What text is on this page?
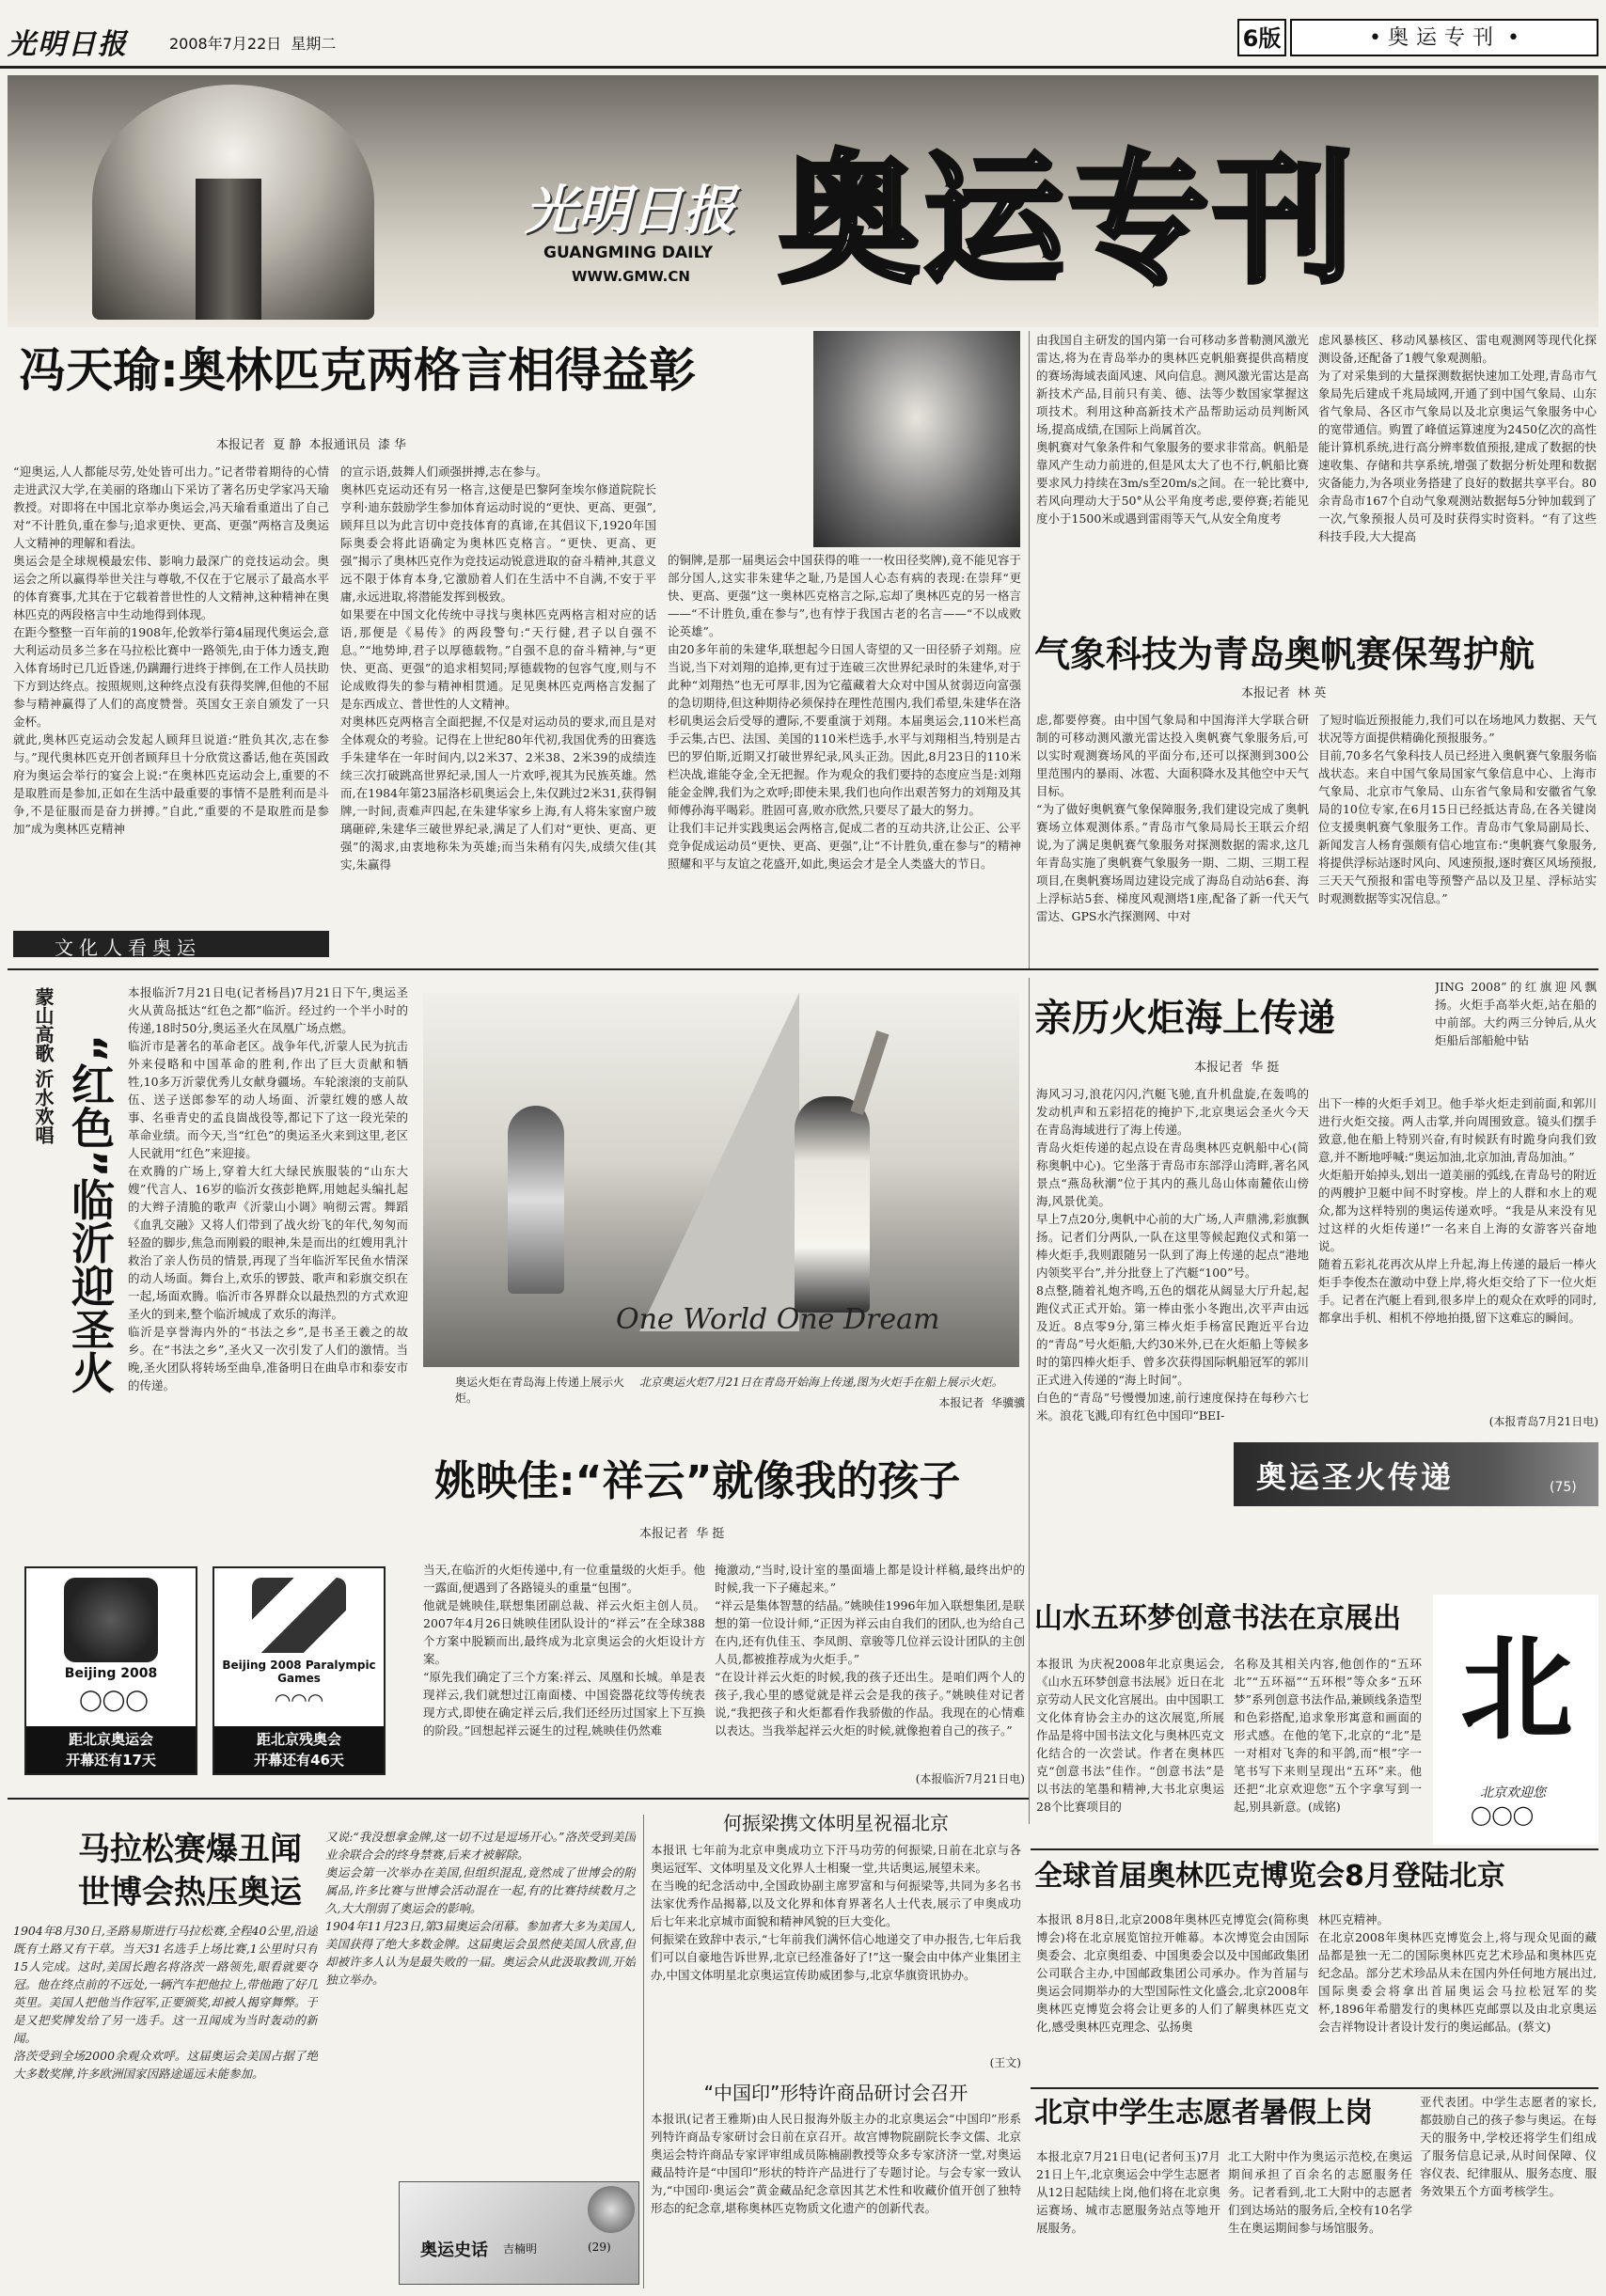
光明日报	2008年7月22日  星期二	6版	• 奥运专刊 •
光明日报
GUANGMING DAILY
WWW.GMW.CN 奥运专刊
冯天瑜:奥林匹克两格言相得益彰
本报记者  夏 静  本报通讯员  漆 华
“迎奥运,人人都能尽劳,处处皆可出力。”记者带着期待的心情走进武汉大学,在美丽的珞珈山下采访了著名历史学家冯天瑜教授。对即将在中国北京举办奥运会,冯天瑜看重道出了自己对“不计胜负,重在参与;追求更快、更高、更强”两格言及奥运人文精神的理解和看法。
奥运会是全球规模最宏伟、影响力最深广的竞技运动会。奥运会之所以赢得举世关注与尊敬,不仅在于它展示了最高水平的体育赛事,尤其在于它载着普世性的人文精神,这种精神在奥林匹克的两段格言中生动地得到体现。
在距今整整一百年前的1908年,伦敦举行第4届现代奥运会,意大利运动员多兰多在马拉松比赛中一路领先,由于体力透支,跑入体育场时已几近昏迷,仍蹒跚行进终于摔倒,在工作人员扶助下方到达终点。按照规则,这种终点没有获得奖牌,但他的不屈参与精神赢得了人们的高度赞誉。英国女王亲自颁发了一只金杯。
就此,奥林匹克运动会发起人顾拜旦说道:“胜负其次,志在参与。”现代奥林匹克开创者顾拜旦十分欣赏这番话,他在英国政府为奥运会举行的宴会上说:“在奥林匹克运动会上,重要的不是取胜而是参加,正如在生活中最重要的事情不是胜利而是斗争,不是征服而是奋力拼搏。”自此,“重要的不是取胜而是参加”成为奥林匹克精神
的宣示语,鼓舞人们顽强拼搏,志在参与。
奥林匹克运动还有另一格言,这便是巴黎阿奎埃尔修道院院长亨利·迪东鼓励学生参加体育运动时说的“更快、更高、更强”,顾拜旦以为此言切中竞技体育的真谛,在其倡议下,1920年国际奥委会将此语确定为奥林匹克格言。“更快、更高、更强”揭示了奥林匹克作为竞技运动锐意进取的奋斗精神,其意义远不限于体育本身,它激励着人们在生活中不自满,不安于平庸,永远进取,将潜能发挥到极致。
如果要在中国文化传统中寻找与奥林匹克两格言相对应的话语,那便是《易传》的两段警句:“天行健,君子以自强不息。”“地势坤,君子以厚德载物。”自强不息的奋斗精神,与“更快、更高、更强”的追求相契同;厚德载物的包容气度,则与不论成败得失的参与精神相贯通。足见奥林匹克两格言发掘了是东西成立、普世性的人文精神。
对奥林匹克两格言全面把握,不仅是对运动员的要求,而且是对全体观众的考验。记得在上世纪80年代初,我国优秀的田赛选手朱建华在一年时间内,以2米37、2米38、2米39的成绩连续三次打破跳高世界纪录,国人一片欢呼,视其为民族英雄。然而,在1984年第23届洛杉矶奥运会上,朱仅跳过2米31,获得铜牌,一时间,责难声四起,在朱建华家乡上海,有人将朱家窗户玻璃砸碎,朱建华三破世界纪录,满足了人们对“更快、更高、更强”的渴求,由衷地称朱为英雄;而当朱稍有闪失,成绩欠佳(其实,朱赢得
的铜牌,是那一届奥运会中国获得的唯一一枚田径奖牌),竟不能见容于部分国人,这实非朱建华之耻,乃是国人心态有病的表现:在崇拜“更快、更高、更强”这一奥林匹克格言之际,忘却了奥林匹克的另一格言——“不计胜负,重在参与”,也有悖于我国古老的名言——“不以成败论英雄”。
由20多年前的朱建华,联想起今日国人寄望的又一田径骄子刘翔。应当说,当下对刘翔的追捧,更有过于连破三次世界纪录时的朱建华,对于此种“刘翔热”也无可厚非,因为它蕴藏着大众对中国从贫弱迈向富强的急切期待,但这种期待必须保持在理性范围内,我们希望,朱建华在洛杉矶奥运会后受辱的遭际,不要重演于刘翔。本届奥运会,110米栏高手云集,古巴、法国、美国的110米栏选手,水平与刘翔相当,特别是古巴的罗伯斯,近期又打破世界纪录,风头正劲。因此,8月23日的110米栏决战,谁能夺金,全无把握。作为观众的我们要持的态度应当是:刘翔能金金牌,我们为之欢呼;即使未果,我们也向作出艰苦努力的刘翔及其师傅孙海平喝彩。胜固可喜,败亦欣然,只要尽了最大的努力。
让我们丰记并实践奥运会两格言,促成二者的互动共济,让公正、公平竞争促成运动员“更快、更高、更强”,让“不计胜负,重在参与”的精神照耀和平与友谊之花盛开,如此,奥运会才是全人类盛大的节日。
文化人看奥运
由我国自主研发的国内第一台可移动多普勒测风激光雷达,将为在青岛举办的奥林匹克帆船赛提供高精度的赛场海域表面风速、风向信息。测风激光雷达是高新技术产品,目前只有美、德、法等少数国家掌握这项技术。利用这种高新技术产品帮助运动员判断风场,提高成绩,在国际上尚属首次。
奥帆赛对气象条件和气象服务的要求非常高。帆船是靠风产生动力前进的,但是风太大了也不行,帆船比赛要求风力持续在3m/s至20m/s之间。在一轮比赛中,若风向理动大于50°从公平角度考虑,要停赛;若能见度小于1500米或遇到雷雨等天气,从安全角度考
虑风暴核区、移动风暴核区、雷电观测网等现代化探测设备,还配备了1艘气象观测船。
为了对采集到的大量探测数据快速加工处理,青岛市气象局先后建成千兆局域网,开通了到中国气象局、山东省气象局、各区市气象局以及北京奥运气象服务中心的宽带通信。购置了峰值运算速度为2450亿次的高性能计算机系统,进行高分辨率数值预报,建成了数据的快速收集、存储和共享系统,增强了数据分析处理和数据灾备能力,为各项业务搭建了良好的数据共享平台。80余青岛市167个自动气象观测站数据每5分钟加载到了一次,气象预报人员可及时获得实时资料。“有了这些科技手段,大大提高
气象科技为青岛奥帆赛保驾护航
本报记者  林 英
虑,都要停赛。由中国气象局和中国海洋大学联合研制的可移动测风激光雷达投入奥帆赛气象服务后,可以实时观测赛场风的平面分布,还可以探测到300公里范围内的暴雨、冰雹、大面积降水及其他空中天气目标。
“为了做好奥帆赛气象保障服务,我们建设完成了奥帆赛场立体观测体系。”青岛市气象局局长王联云介绍说,为了满足奥帆赛气象服务对探测数据的需求,这几年青岛实施了奥帆赛气象服务一期、二期、三期工程项目,在奥帆赛场周边建设完成了海岛自动站6套、海上浮标站5套、梯度风观测塔1座,配备了新一代天气雷达、GPS水汽探测网、中对
了短时临近预报能力,我们可以在场地风力数据、天气状况等方面提供精确化预报服务。”
目前,70多名气象科技人员已经进入奥帆赛气象服务临战状态。来自中国气象局国家气象信息中心、上海市气象局、北京市气象局、山东省气象局和安徽省气象局的10位专家,在6月15日已经抵达青岛,在各关键岗位支援奥帆赛气象服务工作。青岛市气象局副局长、新闻发言人杨育强颇有信心地宣布:“奥帆赛气象服务,将提供浮标站逐时风向、风速预报,逐时赛区风场预报,三天天气预报和雷电等预警产品以及卫星、浮标站实时观测数据等实况信息。”
蒙山高歌 沂水欢唱 “红色”临沂迎圣火
本报临沂7月21日电(记者杨昌)7月21日下午,奥运圣火从黄岛抵达“红色之都”临沂。经过约一个半小时的传递,18时50分,奥运圣火在凤凰广场点燃。
临沂市是著名的革命老区。战争年代,沂蒙人民为抗击外来侵略和中国革命的胜利,作出了巨大贡献和牺牲,10多万沂蒙优秀儿女献身疆场。车轮滚滚的支前队伍、送子送郎参军的动人场面、沂蒙红嫂的感人故事、名垂青史的孟良崮战役等,都记下了这一段光荣的革命业绩。而今天,当“红色”的奥运圣火来到这里,老区人民就用“红色”来迎接。
在欢腾的广场上,穿着大红大绿民族服装的“山东大嫂”代言人、16岁的临沂女孩彭艳辉,用她起头编扎起的大辫子清脆的歌声《沂蒙山小调》响彻云霄。舞蹈《血乳交融》又将人们带到了战火纷飞的年代,匆匆而轻盈的脚步,焦急而刚毅的眼神,朱是而出的红嫂用乳汁救治了亲人伤员的情景,再现了当年临沂军民鱼水情深的动人场面。舞台上,欢乐的锣鼓、歌声和彩旗交织在一起,场面欢腾。临沂市各界群众以最热烈的方式欢迎圣火的到来,整个临沂城成了欢乐的海洋。
临沂是享誉海内外的“书法之乡”,是书圣王羲之的故乡。在“书法之乡”,圣火又一次引发了人们的激情。当晚,圣火团队将转场至曲阜,准备明日在曲阜市和泰安市的传递。
One World One Dream
奥运火炬在青岛海上传递上展示火炬。
北京奥运火炬7月21日在青岛开始海上传递,图为火炬手在船上展示火炬。
本报记者  华骥骥
JING 2008”的红旗迎风飘扬。火炬手高举火炬,站在船的中前部。大约两三分钟后,从火炬船后部船舱中钻
亲历火炬海上传递
本报记者  华 挺
海风习习,浪花闪闪,汽艇飞驰,直升机盘旋,在轰鸣的发动机声和五彩招花的掩护下,北京奥运会圣火今天在青岛海域进行了海上传递。
青岛火炬传递的起点设在青岛奥林匹克帆船中心(简称奥帆中心)。它坐落于青岛市东部浮山湾畔,著名风景点“燕岛秋潮”位于其内的燕儿岛山体南麓依山傍海,风景优美。
早上7点20分,奥帆中心前的大广场,人声鼎沸,彩旗飘扬。记者们分两队,一队在这里等候起跑仪式和第一棒火炬手,我则跟随另一队到了海上传递的起点“港地内领奖平台”,并分批登上了汽艇“100”号。
8点整,随着礼炮齐鸣,五色的烟花从阔显大厅升起,起跑仪式正式开始。第一棒由张小冬跑出,次平声由远及近。8点零9分,第三棒火炬手杨富民跑近平台边的“青岛”号火炬船,大约30米外,已在火炬船上等候多时的第四棒火炬手、曾多次获得国际帆船冠军的郭川正式进入传递的“海上时间”。
白色的“青岛”号慢慢加速,前行速度保持在每秒六七米。浪花飞溅,印有红色中国印“BEI-
出下一棒的火炬手刘卫。他手举火炬走到前面,和郭川进行火炬交接。两人击掌,并向周围致意。镜头们摆手致意,他在船上特别兴奋,有时候跃有时跪身向我们致意,并不断地呼喊:“奥运加油,北京加油,青岛加油。”
火炬船开始掉头,划出一道美丽的弧线,在青岛号的附近的两艘护卫艇中间不时穿梭。岸上的人群和水上的观众,都为这样特别的奥运传递欢呼。“我是从来没有见过这样的火炬传递!”一名来自上海的女游客兴奋地说。
随着五彩礼花再次从岸上升起,海上传递的最后一棒火炬手李俊杰在激动中登上岸,将火炬交给了下一位火炬手。记者在汽艇上看到,很多岸上的观众在欢呼的同时,都拿出手机、相机不停地拍摄,留下这难忘的瞬间。
(本报青岛7月21日电)
奥运圣火传递	(75)
姚映佳:“祥云”就像我的孩子
本报记者  华 挺
当天,在临沂的火炬传递中,有一位重量级的火炬手。他一露面,便遇到了各路镜头的重量“包围”。
他就是姚映佳,联想集团副总裁、祥云火炬主创人员。2007年4月26日姚映佳团队设计的“祥云”在全球388个方案中脱颖而出,最终成为北京奥运会的火炬设计方案。
“原先我们确定了三个方案:祥云、凤凰和长城。单是表现祥云,我们就想过江南面楼、中国瓷器花纹等传统表现方式,即使在确定祥云后,我们还经历过国家上下互换的阶段。”回想起祥云诞生的过程,姚映佳仍然难
掩激动,“当时,设计室的墨面墙上都是设计样稿,最终出炉的时候,我一下子瘫起来。”
“祥云是集体智慧的结晶。”姚映佳1996年加入联想集团,是联想的第一位设计师,“正因为祥云由自我们的团队,也为给自己在内,还有仇佳玉、李凤朗、章骏等几位祥云设计团队的主创人员,都被推荐成为火炬手。”
“在设计祥云火炬的时候,我的孩子还出生。是咱们两个人的孩子,我心里的感觉就是祥云会是我的孩子。”姚映佳对记者说,“我把孩子和火炬都看作我骄傲的作品。我现在的心情难以表达。当我举起祥云火炬的时候,就像抱着自己的孩子。”
(本报临沂7月21日电)
Beijing 2008
◯◯◯
距北京奥运会
开幕还有17天
Beijing 2008 Paralympic Games
◠◠◠
距北京残奥会
开幕还有46天
山水五环梦创意书法在京展出
本报讯 为庆祝2008年北京奥运会,《山水五环梦创意书法展》近日在北京劳动人民文化宫展出。由中国职工文化体育协会主办的这次展览,所展作品是将中国书法文化与奥林匹克文化结合的一次尝试。作者在奥林匹克“创意书法”佳作。“创意书法”是以书法的笔墨和精神,大书北京奥运28个比赛项目的
名称及其相关内容,他创作的“五环北”“五环福”“五环根”等众多“五环梦”系列创意书法作品,兼顾线条造型和色彩搭配,追求象形寓意和画面的形式感。在他的笔下,北京的“北”是一对相对飞奔的和平鸽,而“根”字一笔书写下来则呈现出“五环”来。他还把“北京欢迎您”五个字拿写到一起,别具新意。(成铭)
北
北京欢迎您
◯◯◯
马拉松赛爆丑闻
世博会热压奥运
1904年8月30日,圣路易斯进行马拉松赛,全程40公里,沿途既有土路又有干草。当天31名选手上场比赛,1公里时只有15人完成。这时,美国长跑名将洛茨一路领先,眼看就要夺冠。他在终点前的不远处,一辆汽车把他拉上,带他跑了好几英里。美国人把他当作冠军,正要颁奖,却被人揭穿舞弊。于是又把奖牌发给了另一选手。这一丑闻成为当时轰动的新闻。
洛茨受到全场2000余观众欢呼。这届奥运会美国占据了绝大多数奖牌,许多欧洲国家因路途遥远未能参加。
又说:“我没想拿金牌,这一切不过是逗场开心。”洛茨受到美国业余联合会的终身禁赛,后来才被解除。
奥运会第一次举办在美国,但组织混乱,竟然成了世博会的附属品,许多比赛与世博会活动混在一起,有的比赛持续数月之久,大大削弱了奥运会的影响。
1904年11月23日,第3届奥运会闭幕。参加者大多为美国人,美国获得了绝大多数金牌。这届奥运会虽然使美国人欣喜,但却被许多人认为是最失败的一届。奥运会从此汲取教训,开始独立举办。
奥运史话 吉楠明	(29)
何振梁携文体明星祝福北京
本报讯 七年前为北京申奥成功立下汗马功劳的何振梁,日前在北京与各奥运冠军、文体明星及文化界人士相聚一堂,共话奥运,展望未来。
在当晚的纪念活动中,全国政协副主席罗富和与何振梁等,共同为多名书法家优秀作品揭幕,以及文化界和体育界著名人士代表,展示了申奥成功后七年来北京城市面貌和精神风貌的巨大变化。
何振梁在致辞中表示,“七年前我们满怀信心地递交了申办报告,七年后我们可以自豪地告诉世界,北京已经准备好了!”这一聚会由中体产业集团主办,中国文体明星北京奥运宣传助威团参与,北京华旗资讯协办。
(王文)
“中国印”形特许商品研讨会召开
本报讯(记者王雅斯)由人民日报海外版主办的北京奥运会“中国印”形系列特许商品专家研讨会日前在京召开。故宫博物院副院长李文儒、北京奥运会特许商品专家评审组成员陈楠副教授等众多专家济济一堂,对奥运藏品特许是“中国印”形状的特许产品进行了专题讨论。与会专家一致认为,“中国印·奥运会”黄金藏品纪念章因其艺术性和收藏价值开创了独特形态的纪念章,堪称奥林匹克物质文化遗产的创新代表。
全球首届奥林匹克博览会8月登陆北京
本报讯 8月8日,北京2008年奥林匹克博览会(简称奥博会)将在北京展览馆拉开帷幕。本次博览会由国际奥委会、北京奥组委、中国奥委会以及中国邮政集团公司联合主办,中国邮政集团公司承办。作为首届与奥运会同期举办的大型国际性文化盛会,北京2008年奥林匹克博览会将会让更多的人们了解奥林匹克文化,感受奥林匹克理念、弘扬奥
林匹克精神。
在北京2008年奥林匹克博览会上,将与现众见面的藏品都是独一无二的国际奥林匹克艺术珍品和奥林匹克纪念品。部分艺术珍品从未在国内外任何地方展出过,国际奥委会将拿出首届奥运会马拉松冠军的奖杯,1896年希腊发行的奥林匹克邮票以及由北京奥运会吉祥物设计者设计发行的奥运邮品。(蔡文)
北京中学生志愿者暑假上岗
本报北京7月21日电(记者何玉)7月21日上午,北京奥运会中学生志愿者从12日起陆续上岗,他们将在北京奥运赛场、城市志愿服务站点等地开展服务。
北工大附中作为奥运示范校,在奥运期间承担了百余名的志愿服务任务。记者看到,北工大附中的志愿者们到达场站的服务后,全校有10名学生在奥运期间参与场馆服务。
亚代表团。中学生志愿者的家长,都鼓励自己的孩子参与奥运。在每天的服务中,学校还将学生们组成了服务信息记录,从时间保障、仪容仪表、纪律服从、服务态度、服务效果五个方面考核学生。
